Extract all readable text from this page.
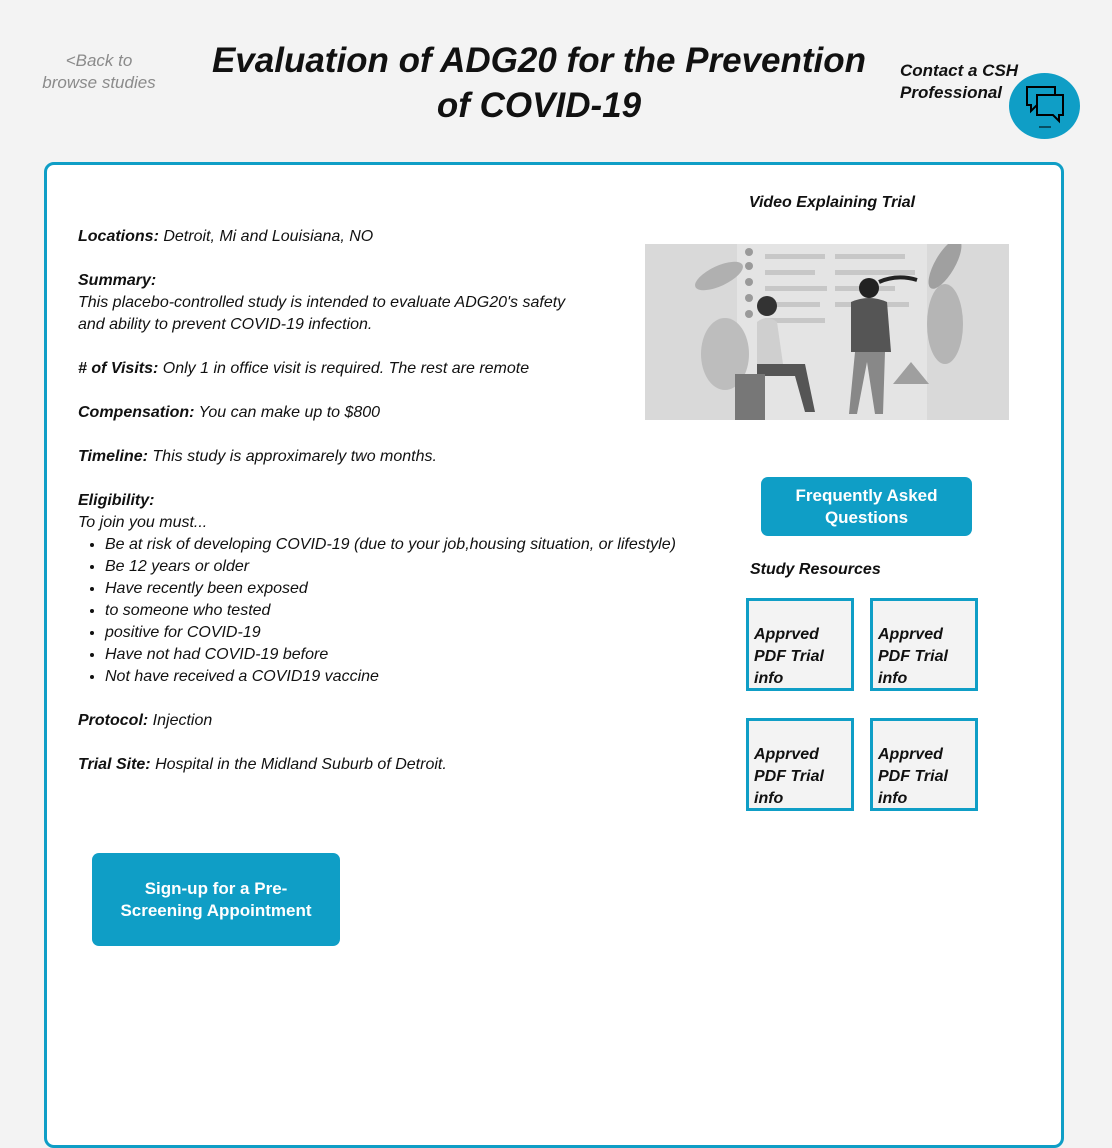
<Back to browse studies
Evaluation of ADG20 for the Prevention of COVID-19
Contact a CSH Professional

Locations: Detroit, Mi and Louisiana, NO

Summary:
This placebo-controlled study is intended to evaluate ADG20's safety
and ability to prevent COVID-19 infection.

# of Visits: Only 1 in office visit is required. The rest are remote

Compensation: You can make up to $800

Timeline: This study is approximarely two months.

Eligibility:
To join you must...
• Be at risk of developing COVID-19 (due to your job,housing situation, or lifestyle)
• Be 12 years or older
• Have recently been exposed
• to someone who tested
• positive for COVID-19
• Have not had COVID-19 before
• Not have received a COVID19 vaccine

Protocol: Injection

Trial Site: Hospital in the Midland Suburb of Detroit.

Video Explaining Trial
Frequently Asked Questions
Study Resources
Apprved PDF Trial info
Apprved PDF Trial info
Apprved PDF Trial info
Apprved PDF Trial info
Sign-up for a Pre- Screening Appointment
